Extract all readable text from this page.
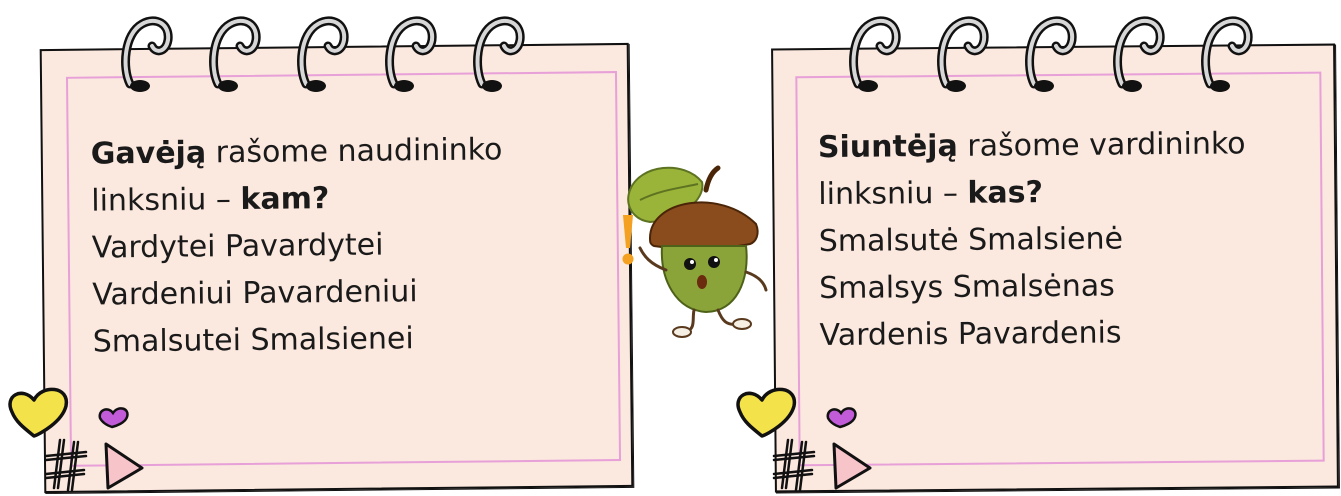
Gavėją rašome naudininko
linksniu – kam?
Vardytei Pavardytei
Vardeniui Pavardeniui
Smalsutei Smalsienei
Siuntėją rašome vardininko
linksniu – kas?
Smalsutė Smalsienė
Smalsys Smalsėnas
Vardenis Pavardenis
